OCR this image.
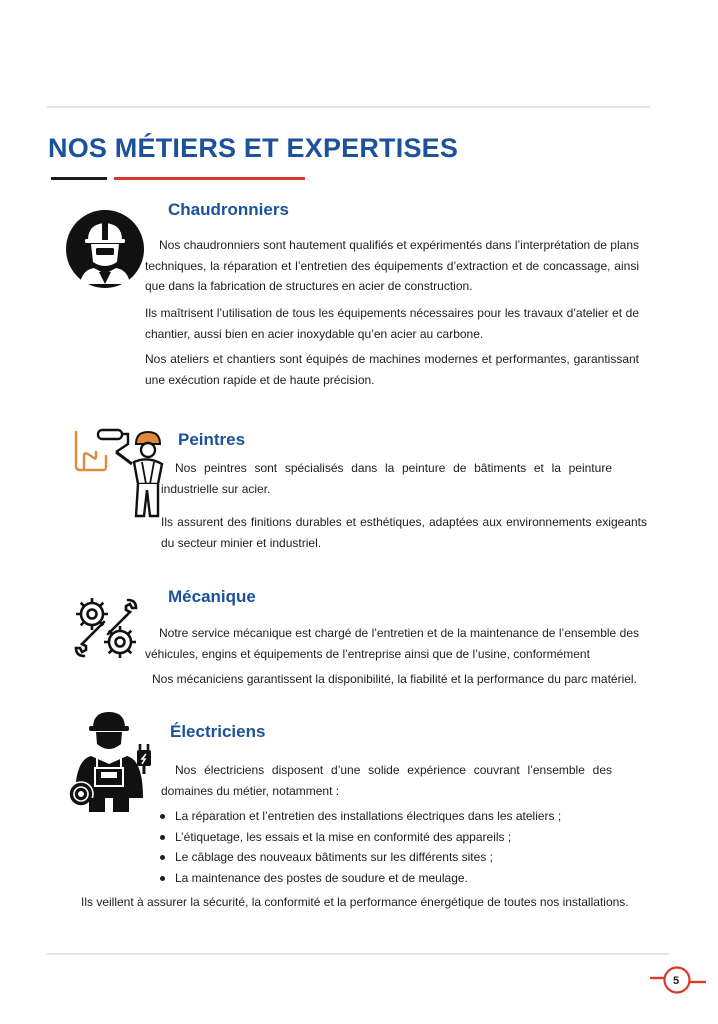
NOS MÉTIERS ET EXPERTISES
Chaudronniers

Nos chaudronniers sont hautement qualifiés et expérimentés dans l’interprétation de plans techniques, la réparation et l’entretien des équipements d’extraction et de concassage, ainsi que dans la fabrication de structures en acier de construction.

Ils maîtrisent l’utilisation de tous les équipements nécessaires pour les travaux d’atelier et de chantier, aussi bien en acier inoxydable qu’en acier au carbone.

Nos ateliers et chantiers sont équipés de machines modernes et performantes, garantissant une exécution rapide et de haute précision.

Peintres

Nos peintres sont spécialisés dans la peinture de bâtiments et la peinture industrielle sur acier.

Ils assurent des finitions durables et esthétiques, adaptées aux environnements exigeants du secteur minier et industriel.

Mécanique

Notre service mécanique est chargé de l’entretien et de la maintenance de l’ensemble des véhicules, engins et équipements de l’entreprise ainsi que de l’usine, conformément

Nos mécaniciens garantissent la disponibilité, la fiabilité et la performance du parc matériel.

Électriciens

Nos électriciens disposent d’une solide expérience couvrant l’ensemble des domaines du métier, notamment :

La réparation et l’entretien des installations électriques dans les ateliers ;
L’étiquetage, les essais et la mise en conformité des appareils ;
Le câblage des nouveaux bâtiments sur les différents sites ;
La maintenance des postes de soudure et de meulage.

Ils veillent à assurer la sécurité, la conformité et la performance énergétique de toutes nos installations.

5
